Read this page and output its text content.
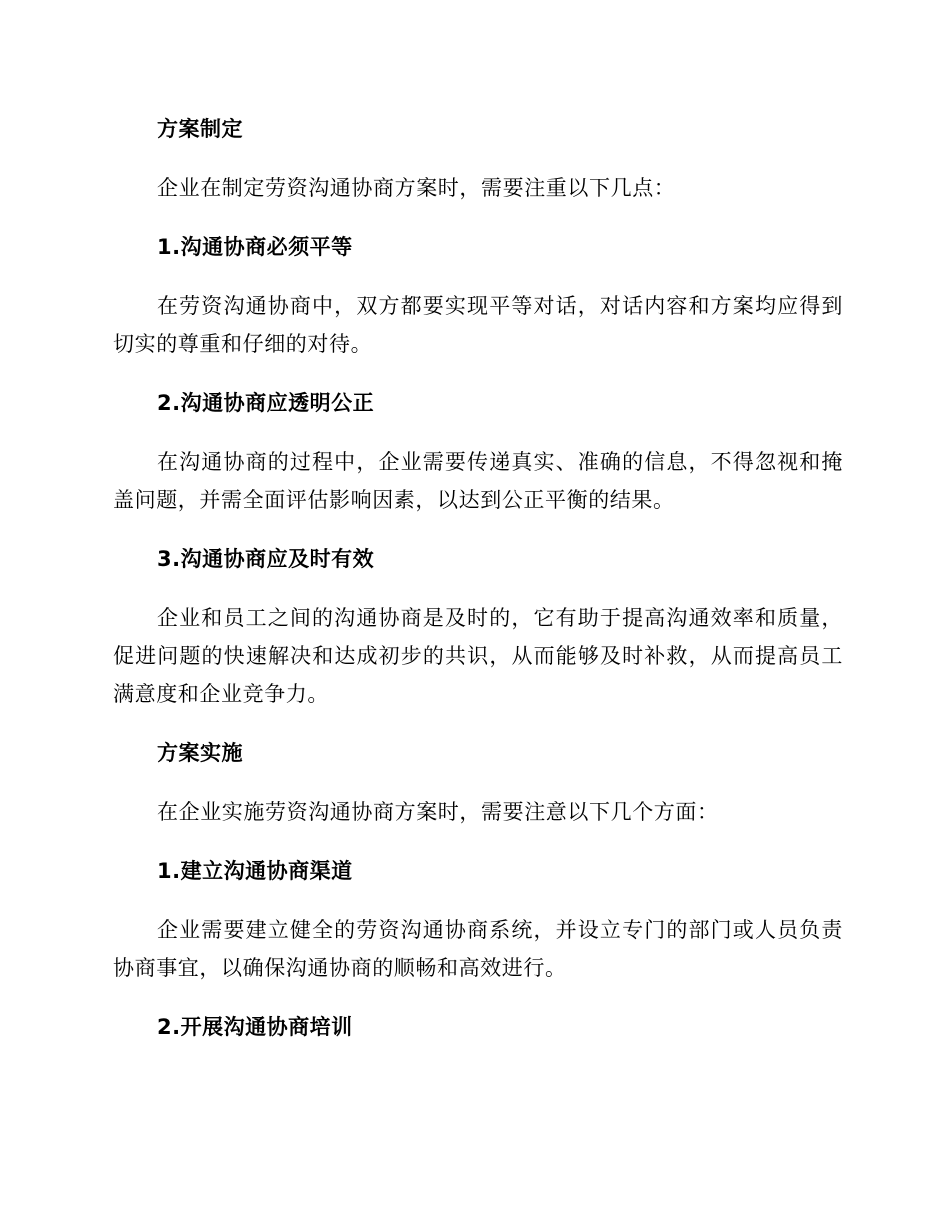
方案制定
企业在制定劳资沟通协商方案时，需要注重以下几点：
1.沟通协商必须平等
在劳资沟通协商中，双方都要实现平等对话，对话内容和方案均应得到切实的尊重和仔细的对待。
2.沟通协商应透明公正
在沟通协商的过程中，企业需要传递真实、准确的信息，不得忽视和掩盖问题，并需全面评估影响因素，以达到公正平衡的结果。
3.沟通协商应及时有效
企业和员工之间的沟通协商是及时的，它有助于提高沟通效率和质量，促进问题的快速解决和达成初步的共识，从而能够及时补救，从而提高员工满意度和企业竞争力。
方案实施
在企业实施劳资沟通协商方案时，需要注意以下几个方面：
1.建立沟通协商渠道
企业需要建立健全的劳资沟通协商系统，并设立专门的部门或人员负责协商事宜，以确保沟通协商的顺畅和高效进行。
2.开展沟通协商培训
